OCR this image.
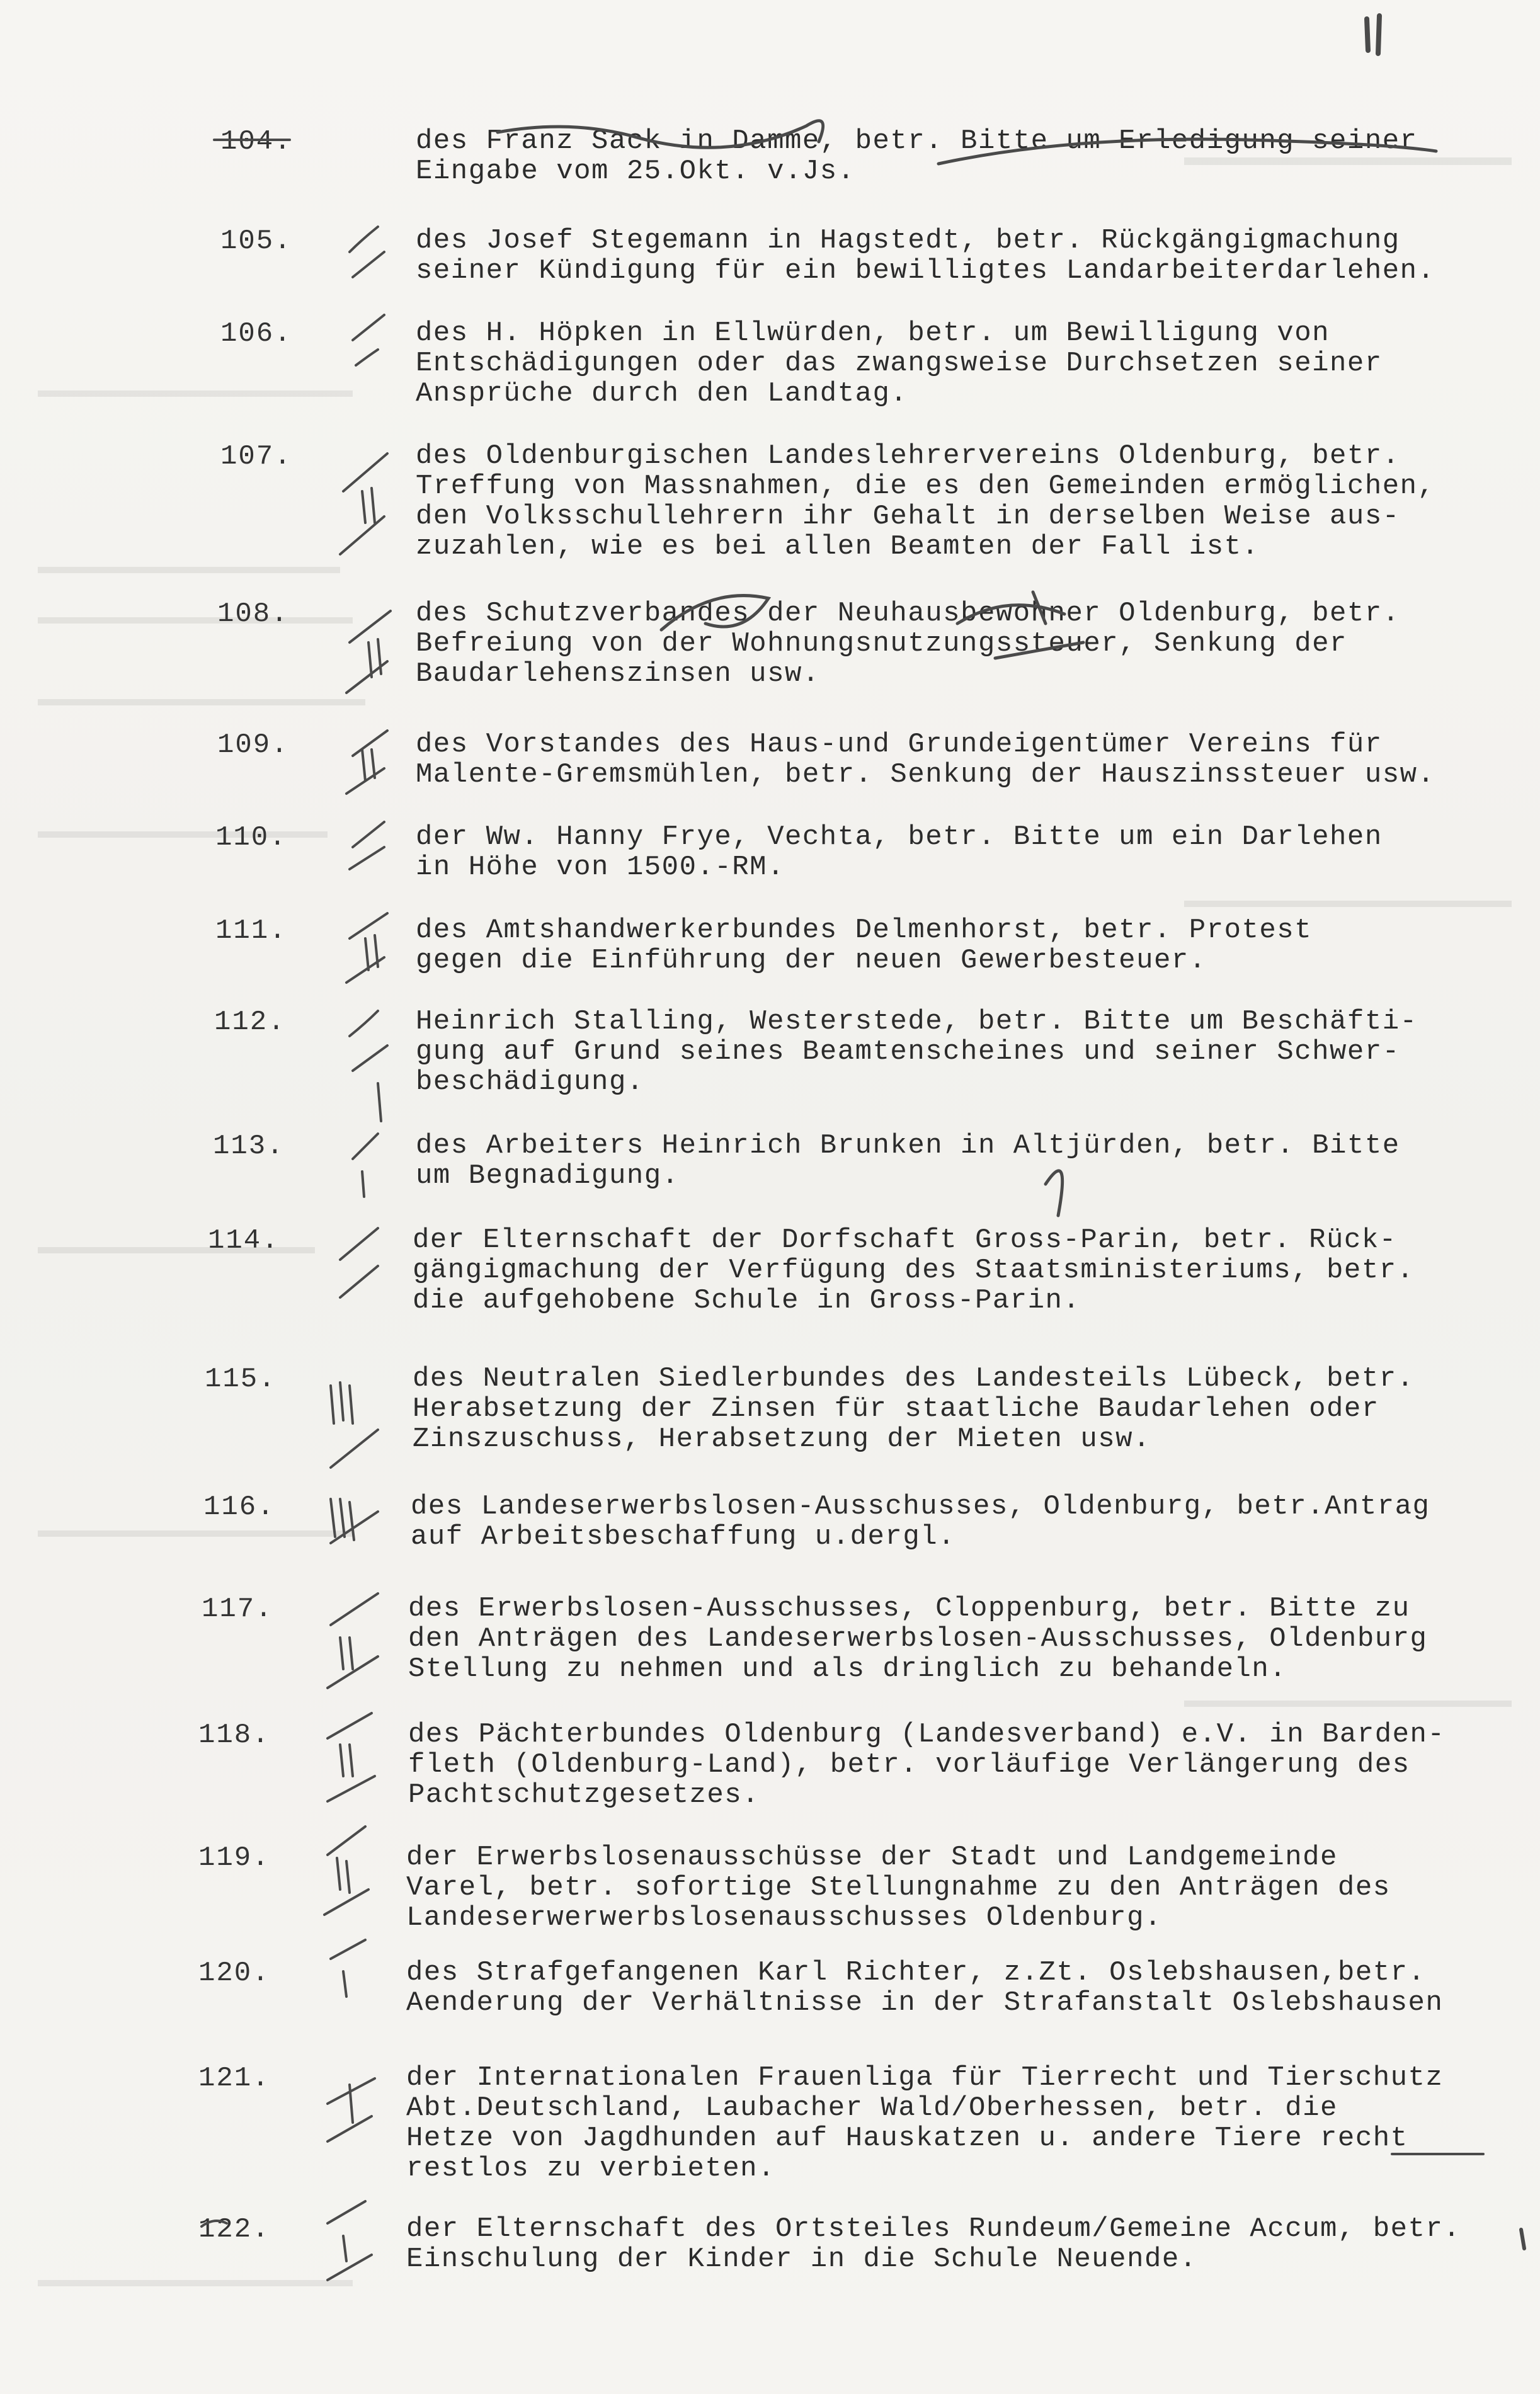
104.	des Franz Sack in Damme, betr. Bitte um Erledigung seiner
Eingabe vom 25.Okt. v.Js.
105.	des Josef Stegemann in Hagstedt, betr. Rückgängigmachung
seiner Kündigung für ein bewilligtes Landarbeiterdarlehen.
106.	des H. Höpken in Ellwürden, betr. um Bewilligung von
Entschädigungen oder das zwangsweise Durchsetzen seiner
Ansprüche durch den Landtag.
107.	des Oldenburgischen Landeslehrervereins Oldenburg, betr.
Treffung von Massnahmen, die es den Gemeinden ermöglichen,
den Volksschullehrern ihr Gehalt in derselben Weise aus-
zuzahlen, wie es bei allen Beamten der Fall ist.
108.	des Schutzverbandes der Neuhausbewohner Oldenburg, betr.
Befreiung von der Wohnungsnutzungssteuer, Senkung der
Baudarlehenszinsen usw.
109.	des Vorstandes des Haus-und Grundeigentümer Vereins für
Malente-Gremsmühlen, betr. Senkung der Hauszinssteuer usw.
110.	der Ww. Hanny Frye, Vechta, betr. Bitte um ein Darlehen
in Höhe von 1500.-RM.
111.	des Amtshandwerkerbundes Delmenhorst, betr. Protest
gegen die Einführung der neuen Gewerbesteuer.
112.	Heinrich Stalling, Westerstede, betr. Bitte um Beschäfti-
gung auf Grund seines Beamtenscheines und seiner Schwer-
beschädigung.
113.	des Arbeiters Heinrich Brunken in Altjürden, betr. Bitte
um Begnadigung.
114.	der Elternschaft der Dorfschaft Gross-Parin, betr. Rück-
gängigmachung der Verfügung des Staatsministeriums, betr.
die aufgehobene Schule in Gross-Parin.
115.	des Neutralen Siedlerbundes des Landesteils Lübeck, betr.
Herabsetzung der Zinsen für staatliche Baudarlehen oder
Zinszuschuss, Herabsetzung der Mieten usw.
116.	des Landeserwerbslosen-Ausschusses, Oldenburg, betr.Antrag
auf Arbeitsbeschaffung u.dergl.
117.	des Erwerbslosen-Ausschusses, Cloppenburg, betr. Bitte zu
den Anträgen des Landeserwerbslosen-Ausschusses, Oldenburg
Stellung zu nehmen und als dringlich zu behandeln.
118.	des Pächterbundes Oldenburg (Landesverband) e.V. in Barden-
fleth (Oldenburg-Land), betr. vorläufige Verlängerung des
Pachtschutzgesetzes.
119.	der Erwerbslosenausschüsse der Stadt und Landgemeinde
Varel, betr. sofortige Stellungnahme zu den Anträgen des
Landeserwerwerbslosenausschusses Oldenburg.
120.	des Strafgefangenen Karl Richter, z.Zt. Oslebshausen,betr.
Aenderung der Verhältnisse in der Strafanstalt Oslebshausen
121.	der Internationalen Frauenliga für Tierrecht und Tierschutz
Abt.Deutschland, Laubacher Wald/Oberhessen, betr. die
Hetze von Jagdhunden auf Hauskatzen u. andere Tiere recht
restlos zu verbieten.
122.	der Elternschaft des Ortsteiles Rundeum/Gemeine Accum, betr.
Einschulung der Kinder in die Schule Neuende.
